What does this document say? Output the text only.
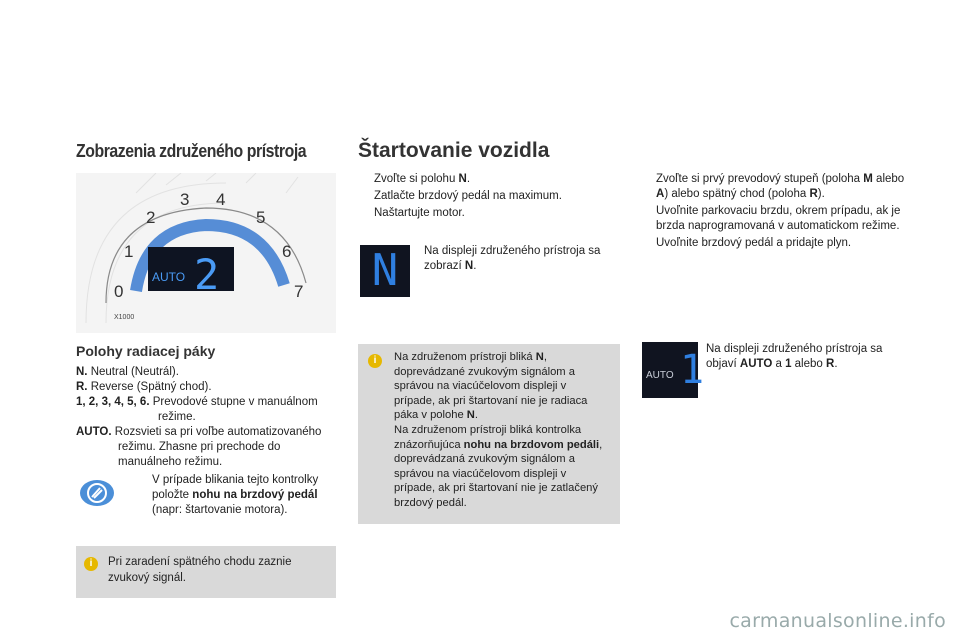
Zobrazenia združeného prístroja
0
1
2
3 4
5
6
7
AUTO 2
X1000
Polohy radiacej páky
N. Neutral (Neutrál).
R. Reverse (Spätný chod).
1, 2, 3, 4, 5, 6. Prevodové stupne v manuálnom režime.
AUTO. Rozsvieti sa pri voľbe automatizovaného režimu. Zhasne pri prechode do manuálneho režimu.
V prípade blikania tejto kontrolky položte nohu na brzdový pedál (napr: štartovanie motora).
i	Pri zaradení spätného chodu zaznie zvukový signál.
Štartovanie vozidla
Zvoľte si polohu N.
Zatlačte brzdový pedál na maximum.
Naštartujte motor.
N	Na displeji združeného prístroja sa zobrazí N.
i	Na združenom prístroji bliká N, doprevádzané zvukovým signálom a správou na viacúčelovom displeji v prípade, ak pri štartovaní nie je radiaca páka v polohe N.
Na združenom prístroji bliká kontrolka znázorňujúca nohu na brzdovom pedáli, doprevádzaná zvukovým signálom a správou na viacúčelovom displeji v prípade, ak pri štartovaní nie je zatlačený brzdový pedál.
Zvoľte si prvý prevodový stupeň (poloha M alebo A) alebo spätný chod (poloha R).
Uvoľnite parkovaciu brzdu, okrem prípadu, ak je brzda naprogramovaná v automatickom režime.
Uvoľnite brzdový pedál a pridajte plyn.
AUTO 1 Na displeji združeného prístroja sa objaví AUTO a 1 alebo R.
carmanualsonline.info
